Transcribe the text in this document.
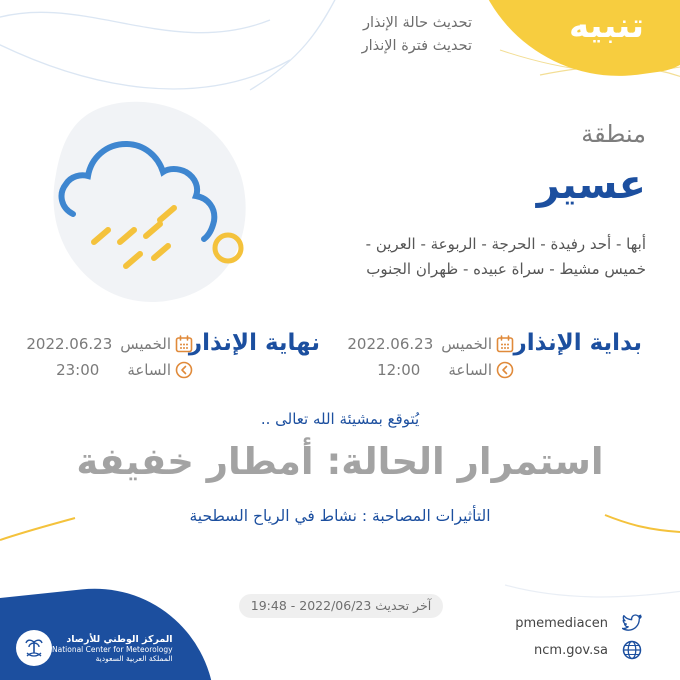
تنبيه
تحديث حالة الإنذار
تحديث فترة الإنذار
منطقة
عسير
أبها - أحد رفيدة - الحرجة - الربوعة - العرين -
خميس مشيط - سراة عبيده - ظهران الجنوب
بداية الإنذار
الخميس
2022.06.23
الساعة
12:00
نهاية الإنذار
الخميس
2022.06.23
الساعة
23:00
يُتوقع بمشيئة الله تعالى ..
استمرار الحالة: أمطار خفيفة
التأثيرات المصاحبة : نشاط في الرياح السطحية
آخر تحديث 2022/06/23 - 19:48
pmemediacen
ncm.gov.sa
المركز الوطني للأرصاد
National Center for Meteorology
المملكة العربية السعودية
